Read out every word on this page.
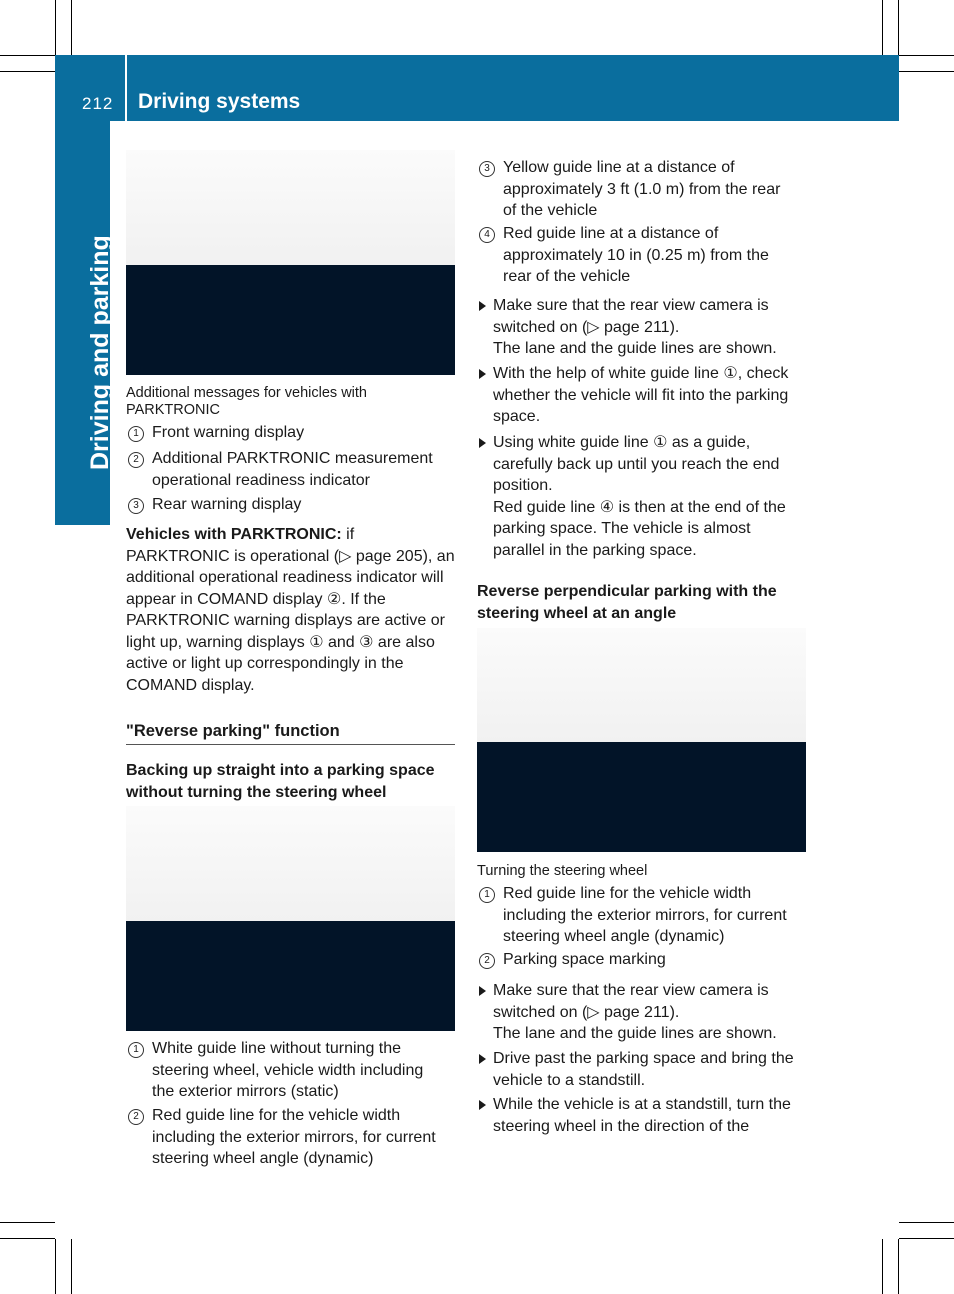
212 Driving systems
Driving and parking Additional messages for vehicles with PARKTRONIC
1 Front warning display
2 Additional PARKTRONIC measurement operational readiness indicator
3 Rear warning display
Vehicles with PARKTRONIC: if
PARKTRONIC is operational (▷ page 205), an
additional operational readiness indicator will
appear in COMAND display ②. If the
PARKTRONIC warning displays are active or
light up, warning displays ① and ③ are also
active or light up correspondingly in the
COMAND display.
"Reverse parking" function
Backing up straight into a parking space
without turning the steering wheel
1 White guide line without turning the
steering wheel, vehicle width including
the exterior mirrors (static)
2 Red guide line for the vehicle width
including the exterior mirrors, for current
steering wheel angle (dynamic)
3 Yellow guide line at a distance of
approximately 3 ft (1.0 m) from the rear
of the vehicle
4 Red guide line at a distance of
approximately 10 in (0.25 m) from the
rear of the vehicle
Make sure that the rear view camera is
switched on (▷ page 211).
The lane and the guide lines are shown.
With the help of white guide line ①, check
whether the vehicle will fit into the parking
space.
Using white guide line ① as a guide,
carefully back up until you reach the end
position.
Red guide line ④ is then at the end of the
parking space. The vehicle is almost
parallel in the parking space.
Reverse perpendicular parking with the
steering wheel at an angle
Turning the steering wheel
1 Red guide line for the vehicle width
including the exterior mirrors, for current
steering wheel angle (dynamic)
2 Parking space marking
Make sure that the rear view camera is
switched on (▷ page 211).
The lane and the guide lines are shown.
Drive past the parking space and bring the
vehicle to a standstill.
While the vehicle is at a standstill, turn the
steering wheel in the direction of the
